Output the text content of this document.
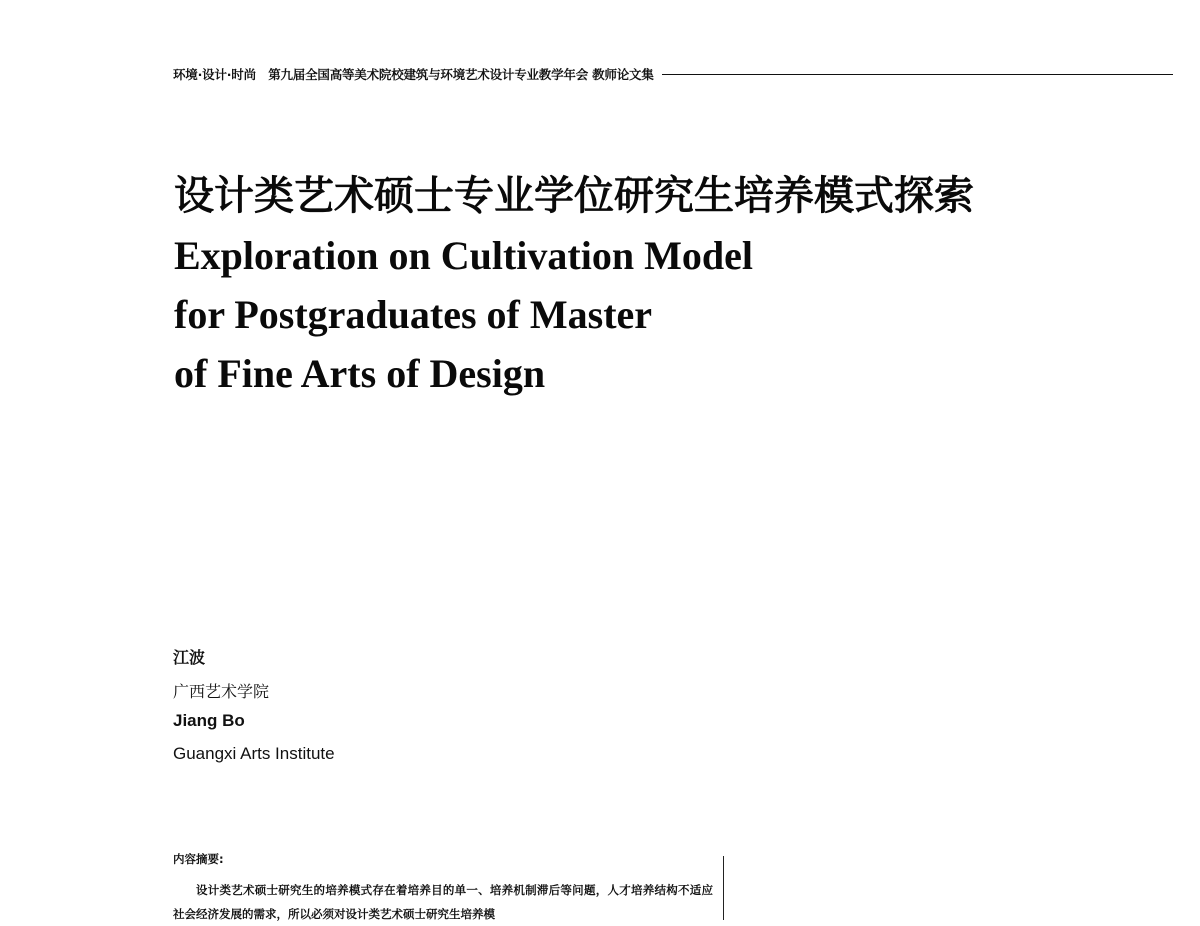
环境·设计·时尚　第九届全国高等美术院校建筑与环境艺术设计专业教学年会 教师论文集
设计类艺术硕士专业学位研究生培养模式探索
Exploration on Cultivation Model
for Postgraduates of Master
of Fine Arts of Design
江波
广西艺术学院
Jiang Bo
Guangxi Arts Institute
内容摘要:

设计类艺术硕士研究生的培养模式存在着培养目的单一、培养机制滞后等问题，人才培养结构不适应社会经济发展的需求，所以必须对设计类艺术硕士研究生培养模
